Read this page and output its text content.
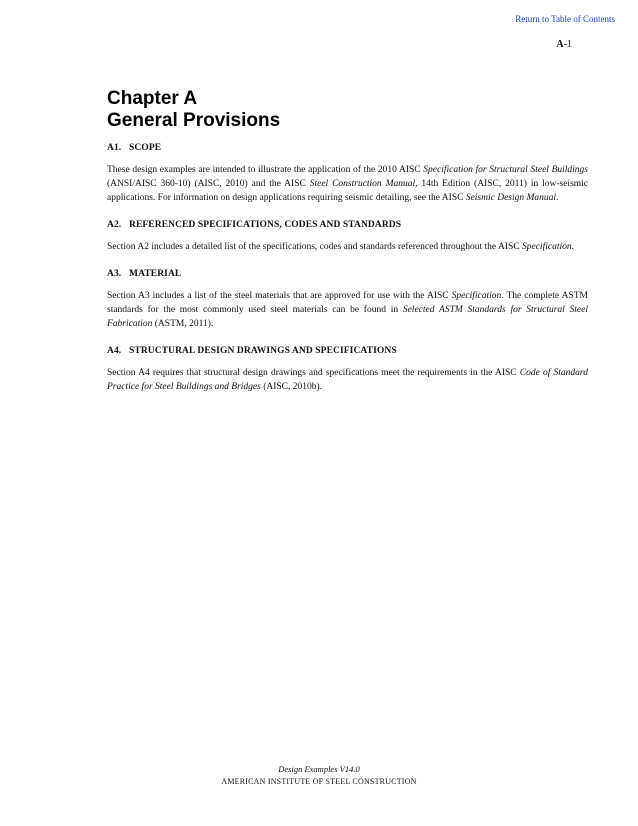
Return to Table of Contents
A-1
Chapter A
General Provisions
A1. SCOPE

These design examples are intended to illustrate the application of the 2010 AISC Specification for Structural Steel Buildings (ANSI/AISC 360-10) (AISC, 2010) and the AISC Steel Construction Manual, 14th Edition (AISC, 2011) in low-seismic applications. For information on design applications requiring seismic detailing, see the AISC Seismic Design Manual.

A2. REFERENCED SPECIFICATIONS, CODES AND STANDARDS

Section A2 includes a detailed list of the specifications, codes and standards referenced throughout the AISC Specification.

A3. MATERIAL

Section A3 includes a list of the steel materials that are approved for use with the AISC Specification. The complete ASTM standards for the most commonly used steel materials can be found in Selected ASTM Standards for Structural Steel Fabrication (ASTM, 2011).

A4. STRUCTURAL DESIGN DRAWINGS AND SPECIFICATIONS

Section A4 requires that structural design drawings and specifications meet the requirements in the AISC Code of Standard Practice for Steel Buildings and Bridges (AISC, 2010b).

Design Examples V14.0
AMERICAN INSTITUTE OF STEEL CONSTRUCTION
